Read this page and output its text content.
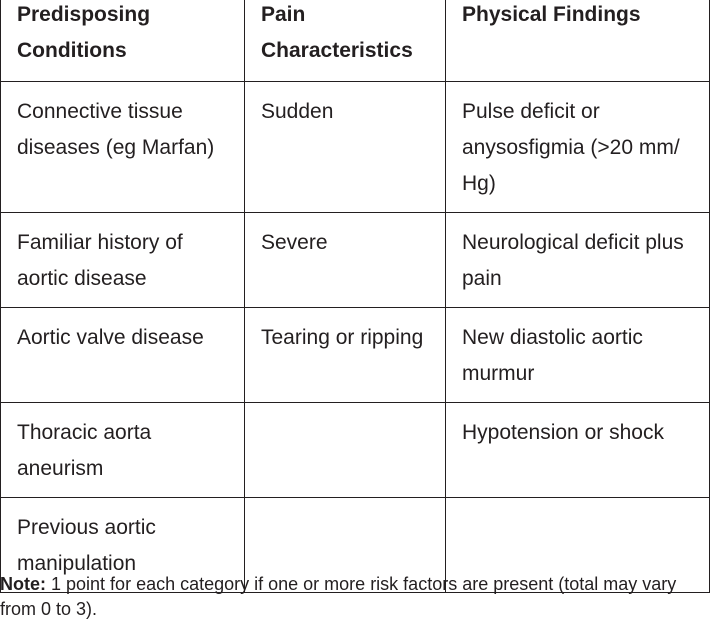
Predisposing Conditions	Pain Characteristics	Physical Findings
Connective tissue diseases (eg Marfan)	Sudden	Pulse deficit or anysosfigmia (>20 mm/ Hg)
Familiar history of aortic disease	Severe	Neurological deficit plus pain
Aortic valve disease	Tearing or ripping	New diastolic aortic murmur
Thoracic aorta aneurism		Hypotension or shock
Previous aortic manipulation		
Note: 1 point for each category if one or more risk factors are present (total may vary from 0 to 3).
